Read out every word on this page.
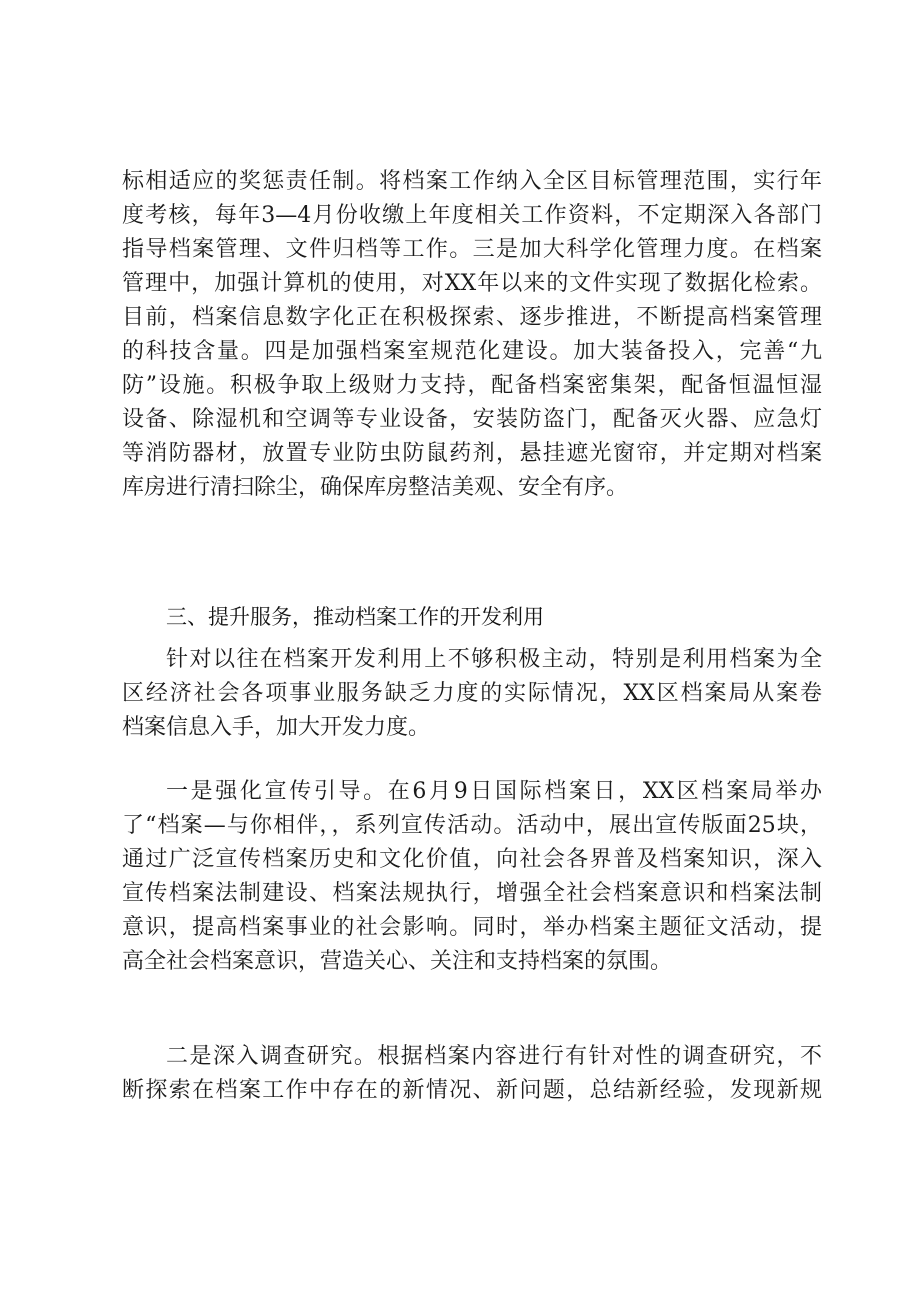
标相适应的奖惩责任制。将档案工作纳入全区目标管理范围，实行年
度考核，每年3—4月份收缴上年度相关工作资料，不定期深入各部门
指导档案管理、文件归档等工作。三是加大科学化管理力度。在档案
管理中，加强计算机的使用，对XX年以来的文件实现了数据化检索。
目前，档案信息数字化正在积极探索、逐步推进，不断提高档案管理
的科技含量。四是加强档案室规范化建设。加大装备投入，完善“九
防”设施。积极争取上级财力支持，配备档案密集架，配备恒温恒湿
设备、除湿机和空调等专业设备，安装防盗门，配备灭火器、应急灯
等消防器材，放置专业防虫防鼠药剂，悬挂遮光窗帘，并定期对档案
库房进行清扫除尘，确保库房整洁美观、安全有序。
三、提升服务，推动档案工作的开发利用
针对以往在档案开发利用上不够积极主动，特别是利用档案为全
区经济社会各项事业服务缺乏力度的实际情况，XX区档案局从案卷
档案信息入手，加大开发力度。
一是强化宣传引导。在6月9日国际档案日，XX区档案局举办
了“档案—与你相伴，，系列宣传活动。活动中，展出宣传版面25块，
通过广泛宣传档案历史和文化价值，向社会各界普及档案知识，深入
宣传档案法制建设、档案法规执行，增强全社会档案意识和档案法制
意识，提高档案事业的社会影响。同时，举办档案主题征文活动，提
高全社会档案意识，营造关心、关注和支持档案的氛围。
二是深入调查研究。根据档案内容进行有针对性的调查研究，不
断探索在档案工作中存在的新情况、新问题，总结新经验，发现新规
